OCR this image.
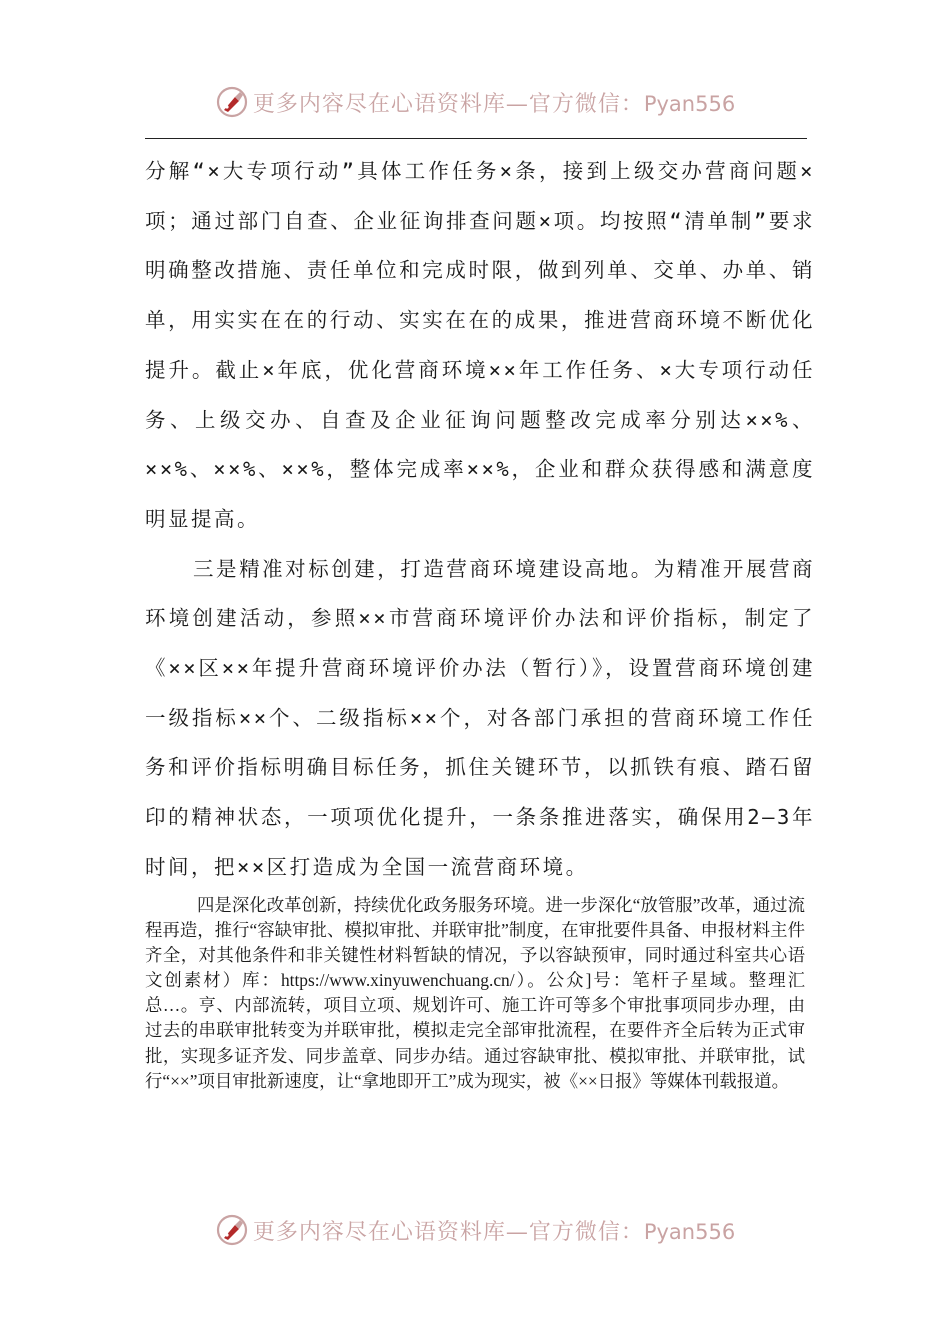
更多内容尽在心语资料库—官方微信：Pyan556

分解“×大专项行动”具体工作任务×条，接到上级交办营商问题×项；通过部门自查、企业征询排查问题×项。均按照“清单制”要求明确整改措施、责任单位和完成时限，做到列单、交单、办单、销单，用实实在在的行动、实实在在的成果，推进营商环境不断优化提升。截止×年底，优化营商环境××年工作任务、×大专项行动任务、上级交办、自查及企业征询问题整改完成率分别达××%、××%、××%、××%，整体完成率××%，企业和群众获得感和满意度明显提高。

三是精准对标创建，打造营商环境建设高地。为精准开展营商环境创建活动，参照××市营商环境评价办法和评价指标，制定了《××区××年提升营商环境评价办法（暂行）》，设置营商环境创建一级指标××个、二级指标××个，对各部门承担的营商环境工作任务和评价指标明确目标任务，抓住关键环节，以抓铁有痕、踏石留印的精神状态，一项项优化提升，一条条推进落实，确保用2—3年时间，把××区打造成为全国一流营商环境。

四是深化改革创新，持续优化政务服务环境。进一步深化“放管服”改革，通过流程再造，推行“容缺审批、模拟审批、并联审批”制度，在审批要件具备、申报材料主件齐全，对其他条件和非关键性材料暂缺的情况，予以容缺预审，同时通过科室共心语文创素材）库：https://www.xinyuwenchuang.cn/）。公众]号：笔杆子星域。整理汇总…。亨、内部流转，项目立项、规划许可、施工许可等多个审批事项同步办理，由过去的串联审批转变为并联审批，模拟走完全部审批流程，在要件齐全后转为正式审批，实现多证齐发、同步盖章、同步办结。通过容缺审批、模拟审批、并联审批，试行“××”项目审批新速度，让“拿地即开工”成为现实，被《××日报》等媒体刊载报道。

更多内容尽在心语资料库—官方微信：Pyan556
